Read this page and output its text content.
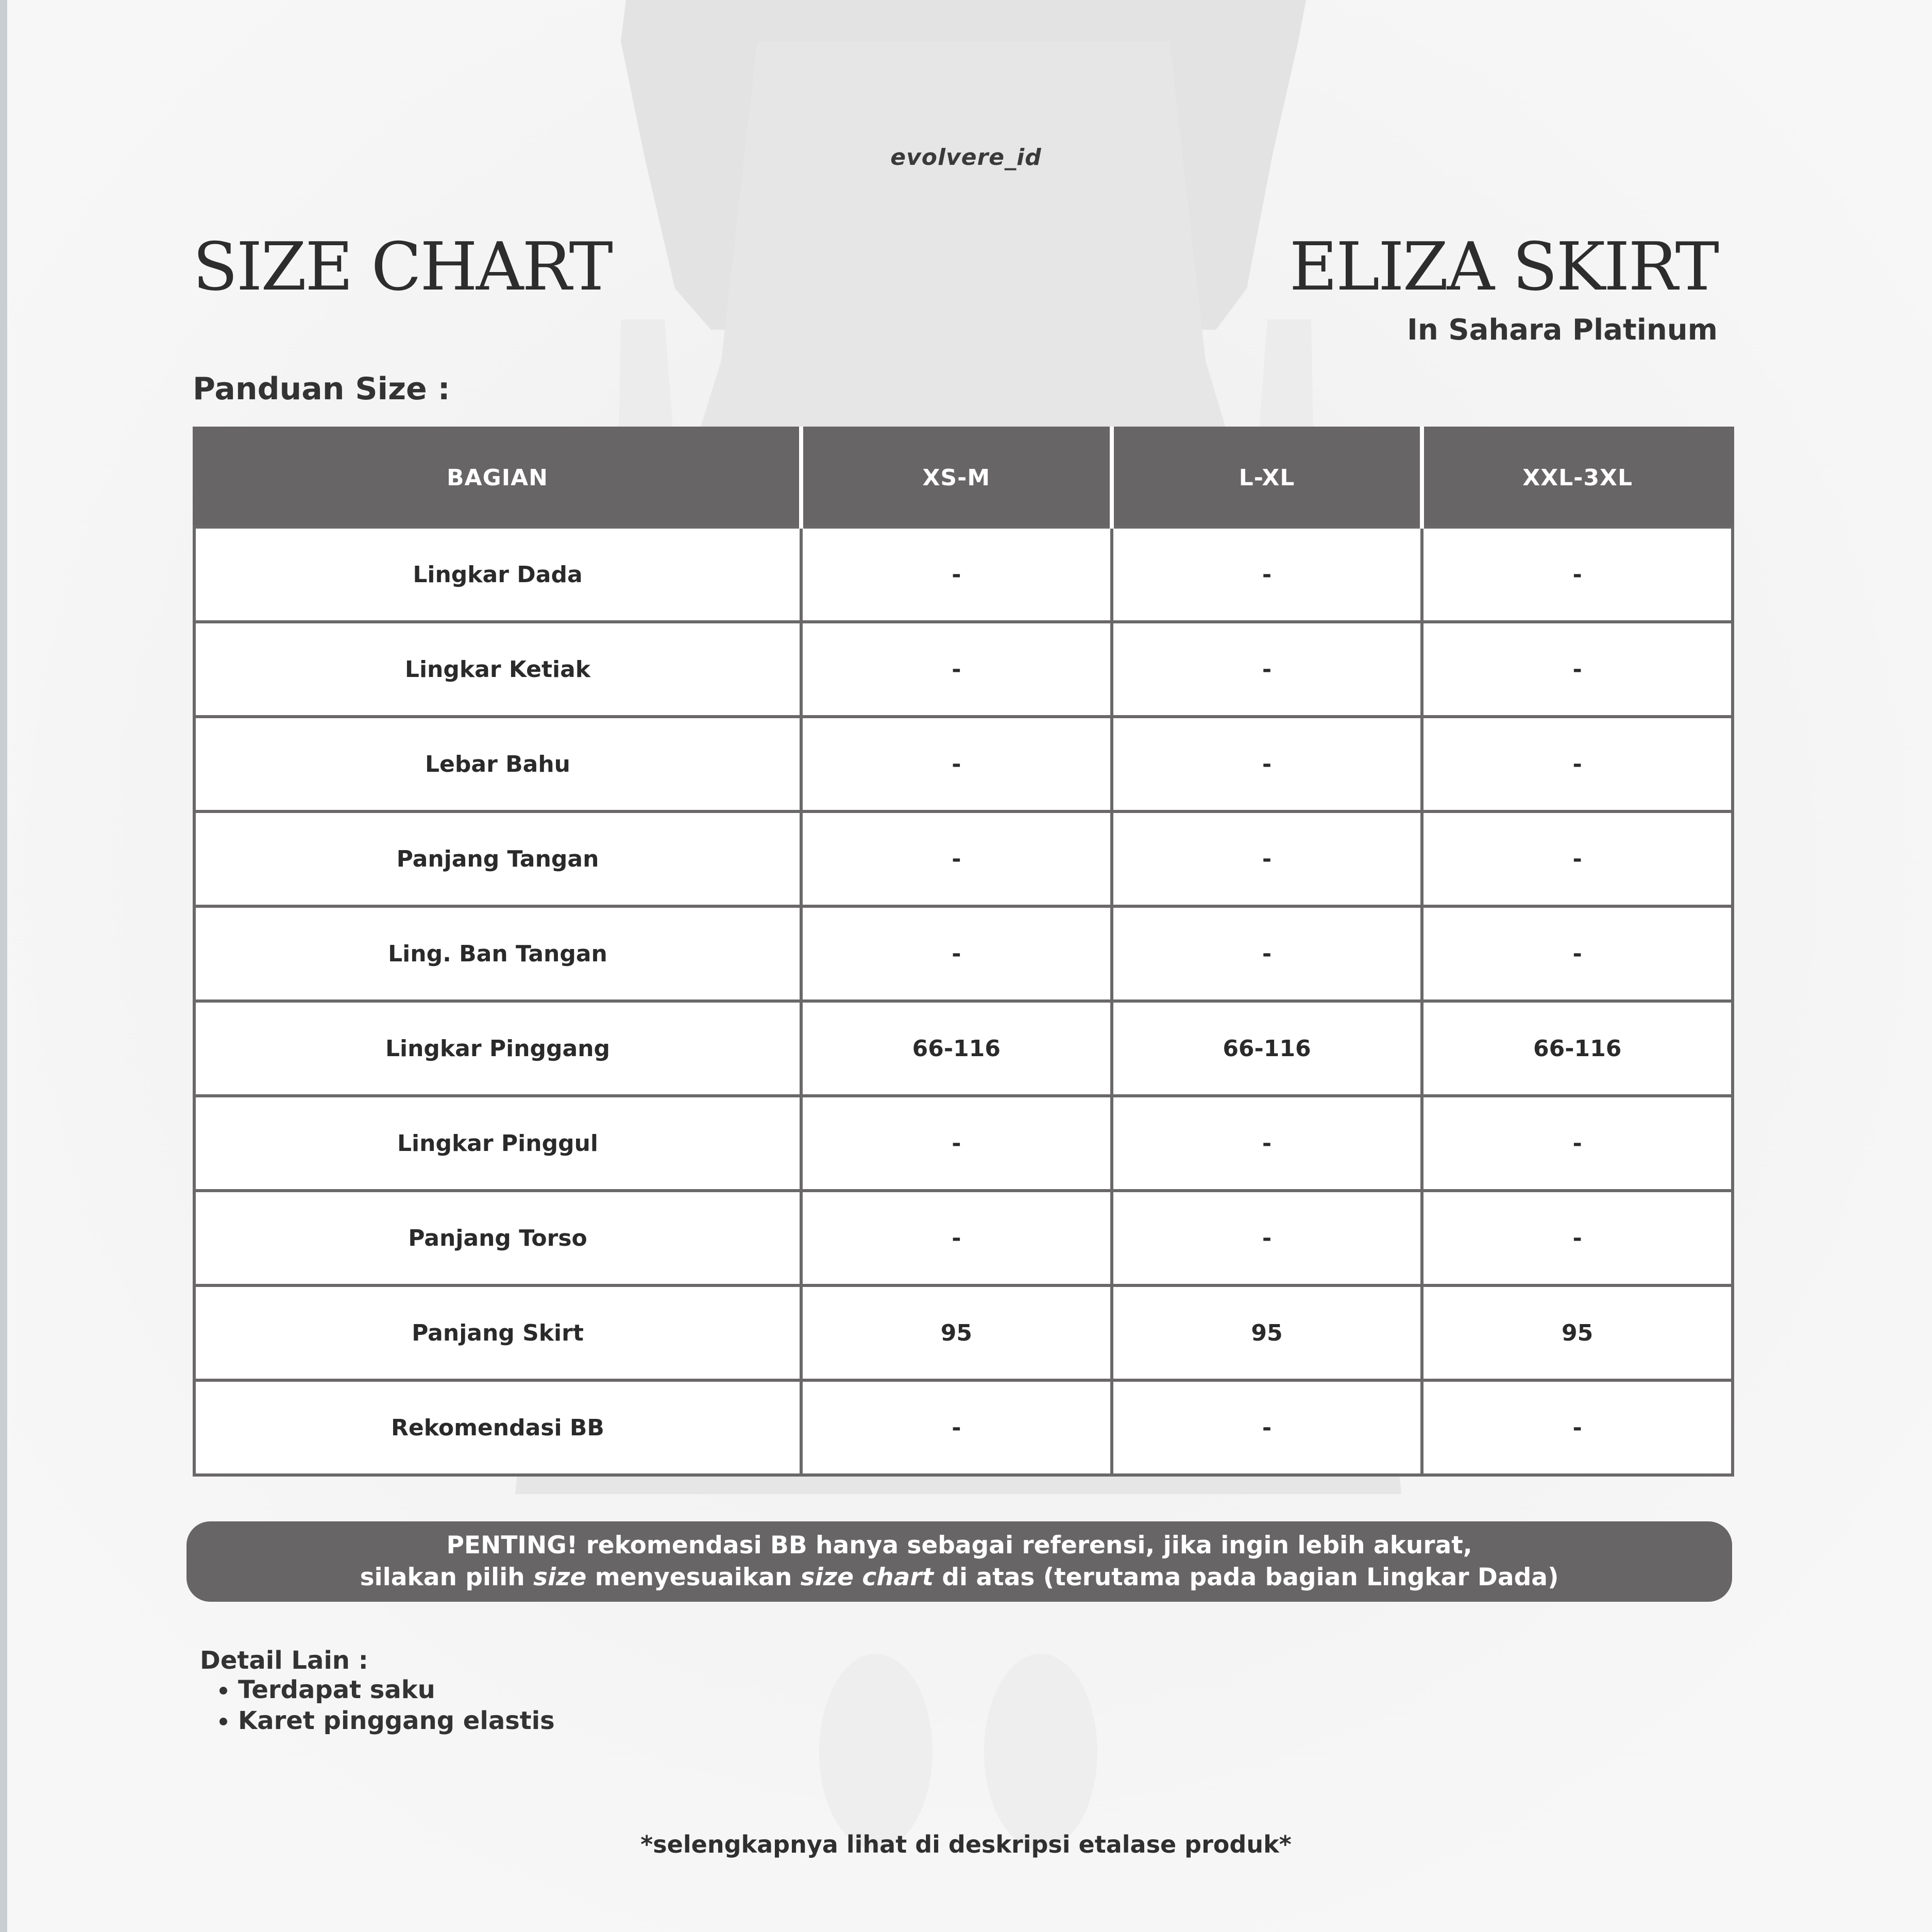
evolvere_id
SIZE CHART	ELIZA SKIRT
In Sahara Platinum
Panduan Size :
BAGIAN	XS-M	L-XL	XXL-3XL
Lingkar Dada	-	-	-
Lingkar Ketiak	-	-	-
Lebar Bahu	-	-	-
Panjang Tangan	-	-	-
Ling. Ban Tangan	-	-	-
Lingkar Pinggang	66-116	66-116	66-116
Lingkar Pinggul	-	-	-
Panjang Torso	-	-	-
Panjang Skirt	95	95	95
Rekomendasi BB	-	-	-
PENTING! rekomendasi BB hanya sebagai referensi, jika ingin lebih akurat,
silakan pilih size menyesuaikan size chart di atas (terutama pada bagian Lingkar Dada)
Detail Lain :
• Terdapat saku
• Karet pinggang elastis
*selengkapnya lihat di deskripsi etalase produk*
